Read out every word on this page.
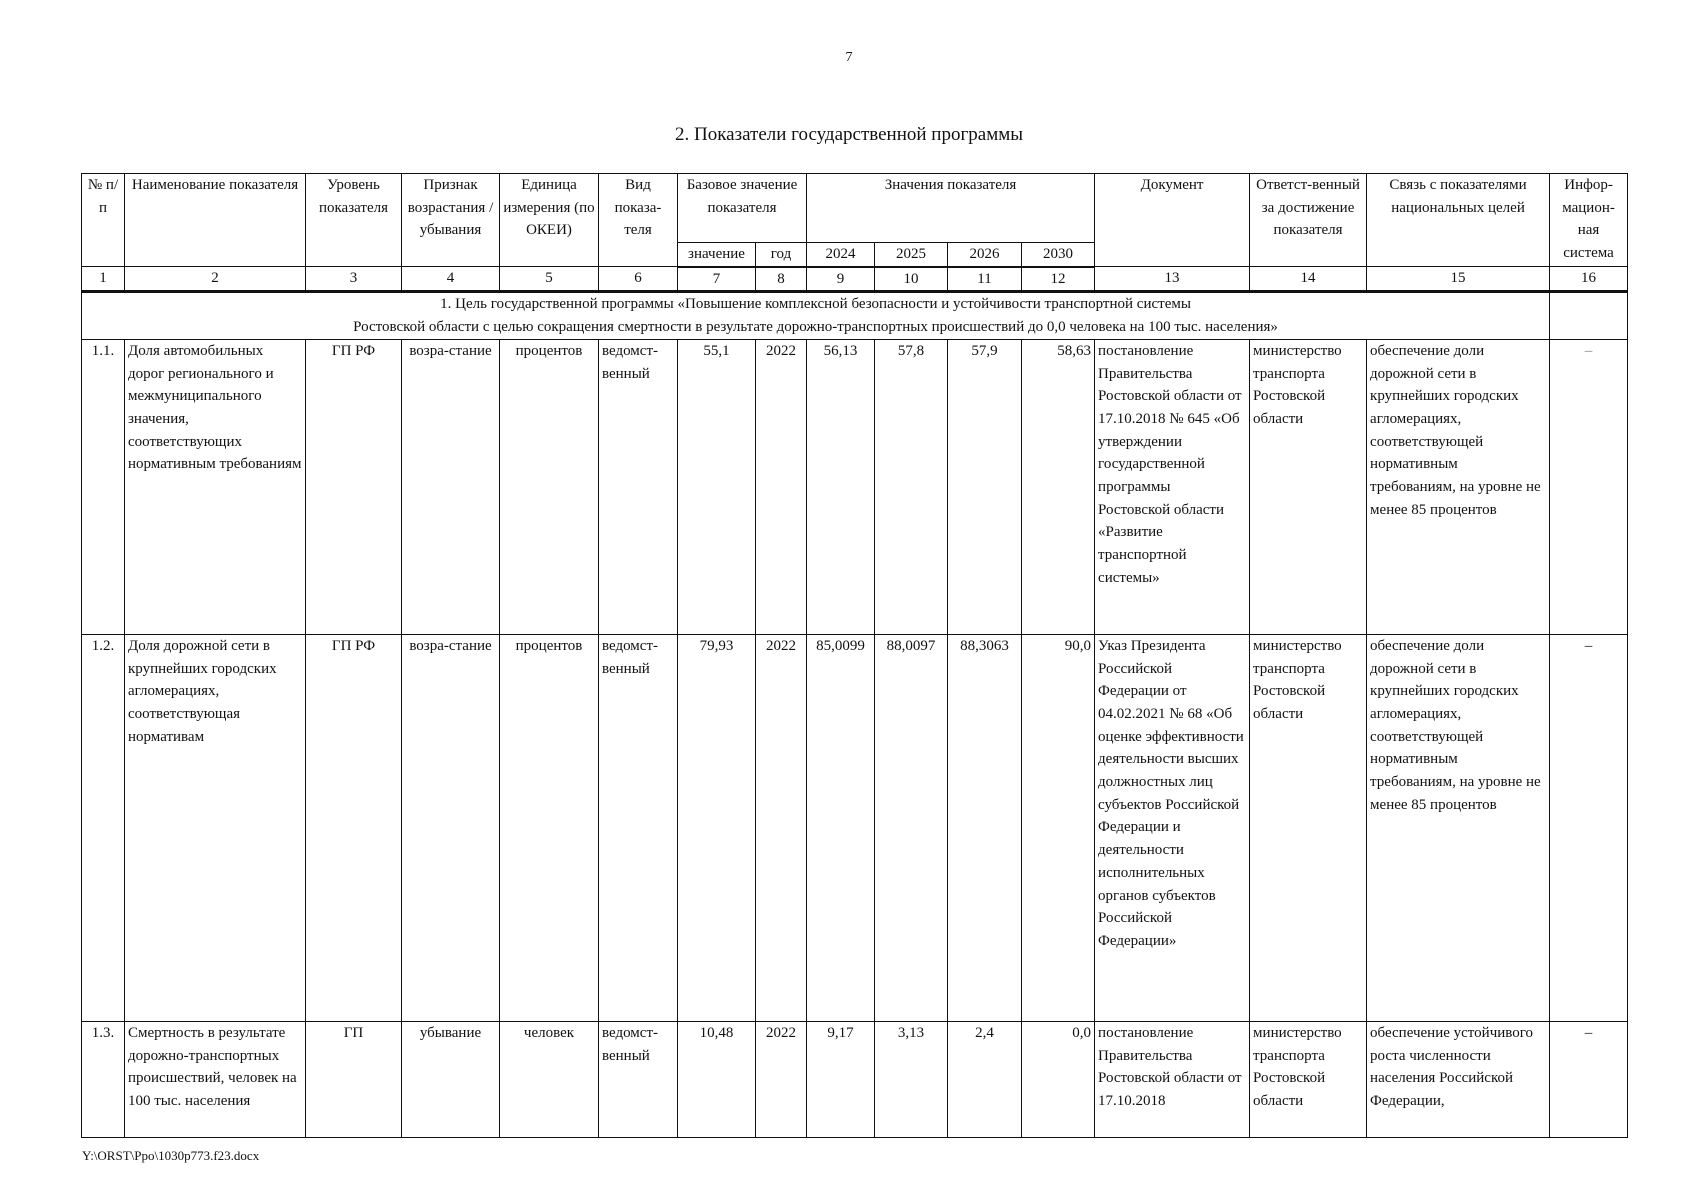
7
2. Показатели государственной программы
№ п/п	Наименование показателя	Уровень показателя	Признак возрастания / убывания	Единица измерения (по ОКЕИ)	Вид показа-теля	Базовое значение показателя		Значения показателя				Документ	Ответст-венный за достижение показателя	Связь с показателями национальных целей	Инфор-мацион-ная система
						значение	год	2024	2025	2026	2030				
1	2	3	4	5	6	7	8	9	10	11	12	13	14	15	16

1. Цель государственной программы «Повышение комплексной безопасности и устойчивости транспортной системы
Ростовской области с целью сокращения смертности в результате дорожно-транспортных происшествий до 0,0 человека на 100 тыс. населения»															

1.1.	Доля автомобильных дорог регионального и межмуниципального значения, соответствующих нормативным требованиям	ГП РФ	возра-стание	процентов	ведомст-венный	55,1	2022	56,13	57,8	57,9	58,63	постановление Правительства Ростовской области от 17.10.2018 № 645 «Об утверждении государственной программы Ростовской области «Развитие транспортной системы»	министерство транспорта Ростовской области	обеспечение доли дорожной сети в крупнейших городских агломерациях, соответствующей нормативным требованиям, на уровне не менее 85 процентов	–
1.2.	Доля дорожной сети в крупнейших городских агломерациях, соответствующая нормативам	ГП РФ	возра-стание	процентов	ведомст-венный	79,93	2022	85,0099	88,0097	88,3063	90,0	Указ Президента Российской Федерации от 04.02.2021 № 68 «Об оценке эффективности деятельности высших должностных лиц субъектов Российской Федерации и деятельности исполнительных органов субъектов Российской Федерации»	министерство транспорта Ростовской области	обеспечение доли дорожной сети в крупнейших городских агломерациях, соответствующей нормативным требованиям, на уровне не менее 85 процентов	–
1.3.	Смертность в результате дорожно-транспортных происшествий, человек на 100 тыс. населения	ГП	убывание	человек	ведомст-венный	10,48	2022	9,17	3,13	2,4	0,0	постановление Правительства Ростовской области от 17.10.2018	министерство транспорта Ростовской области	обеспечение устойчивого роста численности населения Российской Федерации,	–
Y:\ORST\Ppo\1030p773.f23.docx
